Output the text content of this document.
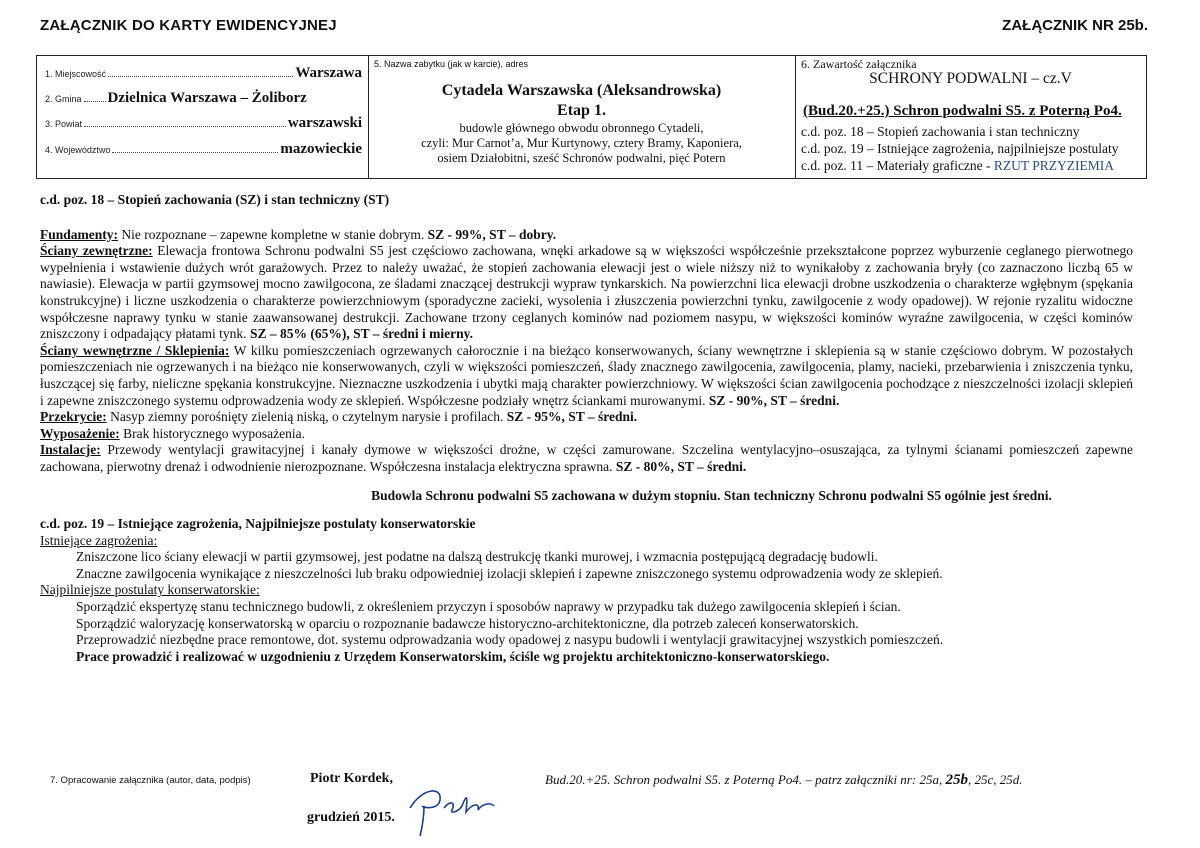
ZAŁĄCZNIK DO KARTY EWIDENCYJNEJ	ZAŁĄCZNIK NR 25b.
1. Miejscowość	Warszawa
2. Gmina Dzielnica Warszawa – Żoliborz
3. Powiat	warszawski
4. Województwo	mazowieckie
5. Nazwa zabytku (jak w karcie), adres
Cytadela Warszawska (Aleksandrowska)
Etap 1.
budowle głównego obwodu obronnego Cytadeli,
czyli: Mur Carnot’a, Mur Kurtynowy, cztery Bramy, Kaponiera,
osiem Działobitni, sześć Schronów podwalni, pięć Potern
6. Zawartość załącznika
SCHRONY PODWALNI – cz.V
(Bud.20.+25.) Schron podwalni S5. z Poterną Po4.
c.d. poz. 18 – Stopień zachowania i stan techniczny
c.d. poz. 19 – Istniejące zagrożenia, najpilniejsze postulaty
c.d. poz. 11 – Materiały graficzne - RZUT PRZYZIEMIA

c.d. poz. 18 – Stopień zachowania (SZ) i stan techniczny (ST)

Fundamenty: Nie rozpoznane – zapewne kompletne w stanie dobrym. SZ - 99%, ST – dobry.

Ściany zewnętrzne: Elewacja frontowa Schronu podwalni S5 jest częściowo zachowana, wnęki arkadowe są w większości współcześnie przekształcone poprzez wyburzenie ceglanego pierwotnego wypełnienia i wstawienie dużych wrót garażowych. Przez to należy uważać, że stopień zachowania elewacji jest o wiele niższy niż to wynikałoby z zachowania bryły (co zaznaczono liczbą 65 w nawiasie). Elewacja w partii gzymsowej mocno zawilgocona, ze śladami znaczącej destrukcji wypraw tynkarskich. Na powierzchni lica elewacji drobne uszkodzenia o charakterze wgłębnym (spękania konstrukcyjne) i liczne uszkodzenia o charakterze powierzchniowym (sporadyczne zacieki, wysolenia i złuszczenia powierzchni tynku, zawilgocenie z wody opadowej). W rejonie ryzalitu widoczne współczesne naprawy tynku w stanie zaawansowanej destrukcji. Zachowane trzony ceglanych kominów nad poziomem nasypu, w większości kominów wyraźne zawilgocenia, w części kominów zniszczony i odpadający płatami tynk. SZ – 85% (65%), ST – średni i mierny.

Ściany wewnętrzne / Sklepienia: W kilku pomieszczeniach ogrzewanych całorocznie i na bieżąco konserwowanych, ściany wewnętrzne i sklepienia są w stanie częściowo dobrym. W pozostałych pomieszczeniach nie ogrzewanych i na bieżąco nie konserwowanych, czyli w większości pomieszczeń, ślady znacznego zawilgocenia, zawilgocenia, plamy, nacieki, przebarwienia i zniszczenia tynku, łuszczącej się farby, nieliczne spękania konstrukcyjne. Nieznaczne uszkodzenia i ubytki mają charakter powierzchniowy. W większości ścian zawilgocenia pochodzące z nieszczelności izolacji sklepień i zapewne zniszczonego systemu odprowadzenia wody ze sklepień. Współczesne podziały wnętrz ściankami murowanymi. SZ - 90%, ST – średni.

Przekrycie: Nasyp ziemny porośnięty zielenią niską, o czytelnym narysie i profilach. SZ - 95%, ST – średni.

Wyposażenie: Brak historycznego wyposażenia.

Instalacje: Przewody wentylacji grawitacyjnej i kanały dymowe w większości drożne, w części zamurowane. Szczelina wentylacyjno–osuszająca, za tylnymi ścianami pomieszczeń zapewne zachowana, pierwotny drenaż i odwodnienie nierozpoznane. Współczesna instalacja elektryczna sprawna. SZ - 80%, ST – średni.

Budowla Schronu podwalni S5 zachowana w dużym stopniu. Stan techniczny Schronu podwalni S5 ogólnie jest średni.

c.d. poz. 19 – Istniejące zagrożenia, Najpilniejsze postulaty konserwatorskie

Istniejące zagrożenia:

Zniszczone lico ściany elewacji w partii gzymsowej, jest podatne na dalszą destrukcję tkanki murowej, i wzmacnia postępującą degradację budowli.

Znaczne zawilgocenia wynikające z nieszczelności lub braku odpowiedniej izolacji sklepień i zapewne zniszczonego systemu odprowadzenia wody ze sklepień.

Najpilniejsze postulaty konserwatorskie:

Sporządzić ekspertyzę stanu technicznego budowli, z określeniem przyczyn i sposobów naprawy w przypadku tak dużego zawilgocenia sklepień i ścian.

Sporządzić waloryzację konserwatorską w oparciu o rozpoznanie badawcze historyczno-architektoniczne, dla potrzeb zaleceń konserwatorskich.

Przeprowadzić niezbędne prace remontowe, dot. systemu odprowadzania wody opadowej z nasypu budowli i wentylacji grawitacyjnej wszystkich pomieszczeń.

Prace prowadzić i realizować w uzgodnieniu z Urzędem Konserwatorskim, ściśle wg projektu architektoniczno-konserwatorskiego.

7. Opracowanie załącznika (autor, data, podpis)	Piotr Kordek,
grudzień 2015.
Bud.20.+25. Schron podwalni S5. z Poterną Po4. – patrz załączniki nr: 25a, 25b, 25c, 25d.
